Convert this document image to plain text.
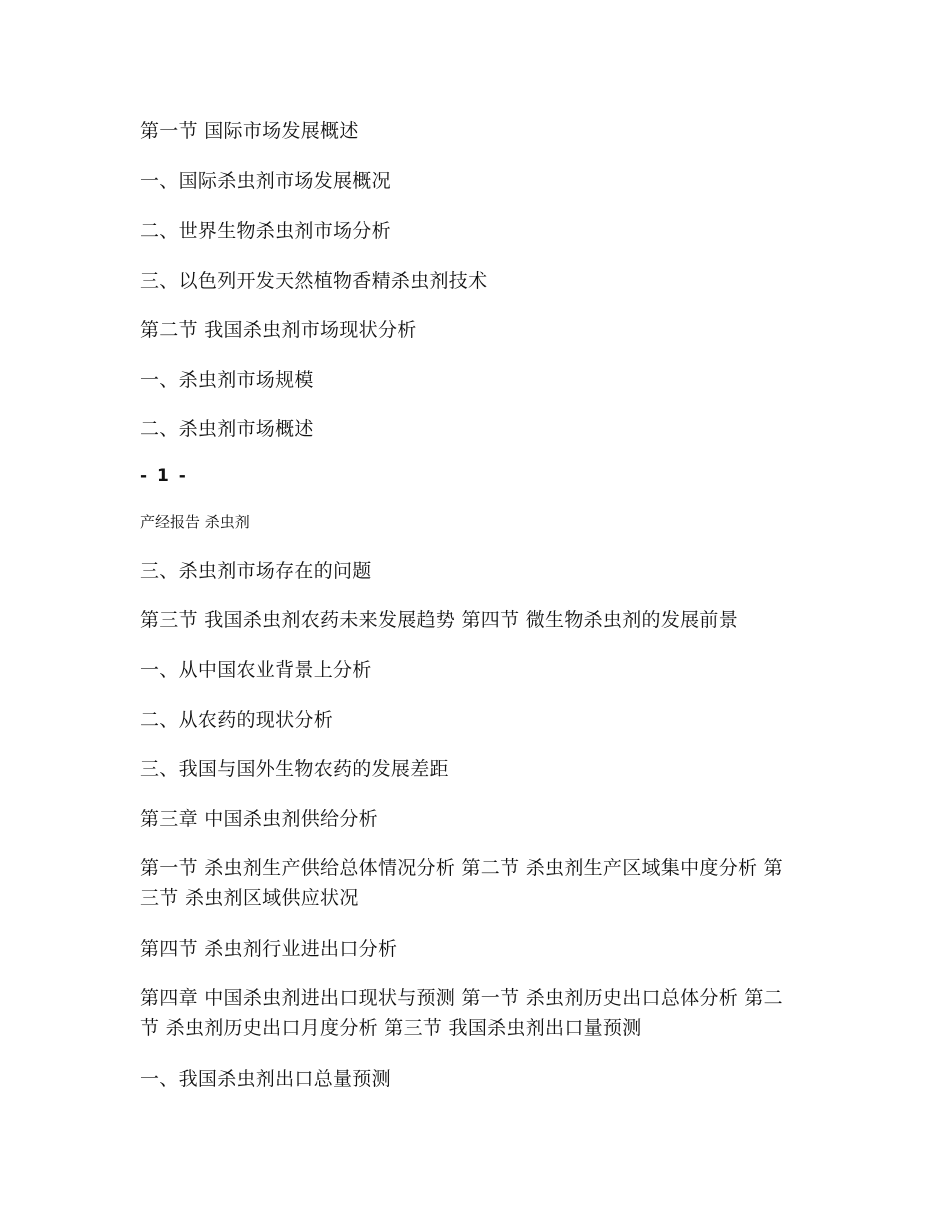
第一节 国际市场发展概述
一、国际杀虫剂市场发展概况
二、世界生物杀虫剂市场分析
三、以色列开发天然植物香精杀虫剂技术
第二节 我国杀虫剂市场现状分析
一、杀虫剂市场规模
二、杀虫剂市场概述
- 1 -
产经报告 杀虫剂
三、杀虫剂市场存在的问题
第三节 我国杀虫剂农药未来发展趋势 第四节 微生物杀虫剂的发展前景
一、从中国农业背景上分析
二、从农药的现状分析
三、我国与国外生物农药的发展差距
第三章 中国杀虫剂供给分析
第一节 杀虫剂生产供给总体情况分析 第二节 杀虫剂生产区域集中度分析 第三节 杀虫剂区域供应状况
第四节 杀虫剂行业进出口分析
第四章 中国杀虫剂进出口现状与预测 第一节 杀虫剂历史出口总体分析 第二节 杀虫剂历史出口月度分析 第三节 我国杀虫剂出口量预测
一、我国杀虫剂出口总量预测
